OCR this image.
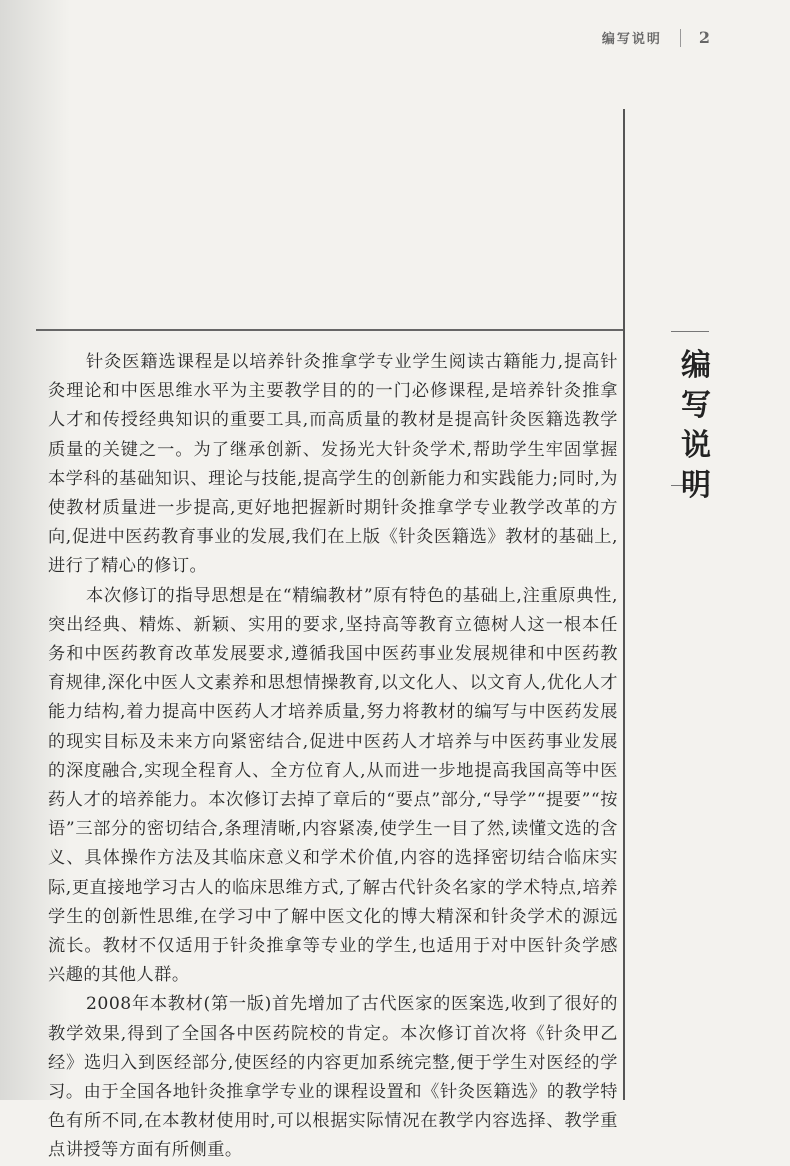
编写说明 2
编
写
说
明

针灸医籍选课程是以培养针灸推拿学专业学生阅读古籍能力,提高针灸理论和中医思维水平为主要教学目的的一门必修课程,是培养针灸推拿人才和传授经典知识的重要工具,而高质量的教材是提高针灸医籍选教学质量的关键之一。为了继承创新、发扬光大针灸学术,帮助学生牢固掌握本学科的基础知识、理论与技能,提高学生的创新能力和实践能力;同时,为使教材质量进一步提高,更好地把握新时期针灸推拿学专业教学改革的方向,促进中医药教育事业的发展,我们在上版《针灸医籍选》教材的基础上,进行了精心的修订。

本次修订的指导思想是在“精编教材”原有特色的基础上,注重原典性,突出经典、精炼、新颖、实用的要求,坚持高等教育立德树人这一根本任务和中医药教育改革发展要求,遵循我国中医药事业发展规律和中医药教育规律,深化中医人文素养和思想情操教育,以文化人、以文育人,优化人才能力结构,着力提高中医药人才培养质量,努力将教材的编写与中医药发展的现实目标及未来方向紧密结合,促进中医药人才培养与中医药事业发展的深度融合,实现全程育人、全方位育人,从而进一步地提高我国高等中医药人才的培养能力。本次修订去掉了章后的“要点”部分,“导学”“提要”“按语”三部分的密切结合,条理清晰,内容紧凑,使学生一目了然,读懂文选的含义、具体操作方法及其临床意义和学术价值,内容的选择密切结合临床实际,更直接地学习古人的临床思维方式,了解古代针灸名家的学术特点,培养学生的创新性思维,在学习中了解中医文化的博大精深和针灸学术的源远流长。教材不仅适用于针灸推拿等专业的学生,也适用于对中医针灸学感兴趣的其他人群。

2008年本教材(第一版)首先增加了古代医家的医案选,收到了很好的教学效果,得到了全国各中医药院校的肯定。本次修订首次将《针灸甲乙经》选归入到医经部分,使医经的内容更加系统完整,便于学生对医经的学习。由于全国各地针灸推拿学专业的课程设置和《针灸医籍选》的教学特色有所不同,在本教材使用时,可以根据实际情况在教学内容选择、教学重点讲授等方面有所侧重。
